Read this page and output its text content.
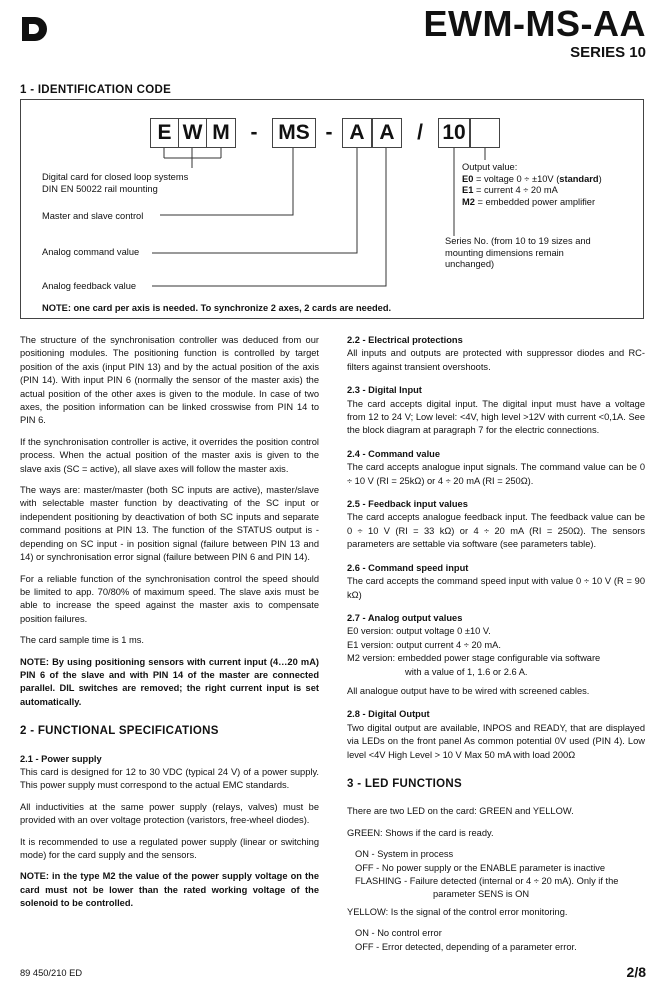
EWM-MS-AA
SERIES 10
1 - IDENTIFICATION CODE
E W M - MS - A A	/ 10
Digital card for closed loop systems
DIN EN 50022 rail mounting
Master and slave control
Analog command value
Analog feedback value
Output value:
E0 = voltage 0 ÷ ±10V (standard)
E1 = current 4 ÷ 20 mA
M2 = embedded power amplifier
Series No. (from 10 to 19 sizes and
mounting dimensions remain
unchanged)
NOTE: one card per axis is needed. To synchronize 2 axes, 2 cards are needed.

The structure of the synchronisation controller was deduced from our positioning modules. The positioning function is controlled by target position of the axis (input PIN 13) and by the actual position of the axis (PIN 14). With input PIN 6 (normally the sensor of the master axis) the actual position of the other axes is given to the module. In case of two axes, the position information can be linked crosswise from PIN 14 to PIN 6.

If the synchronisation controller is active, it overrides the position control process. When the actual position of the master axis is given to the slave axis (SC = active), all slave axes will follow the master axis.

The ways are: master/master (both SC inputs are active), master/slave with selectable master function by deactivating of the SC input or independent positioning by deactivation of both SC inputs and separate command positions at PIN 13. The function of the STATUS output is - depending on SC input - in position signal (failure between PIN 13 and 14) or synchronisation error signal (failure between PIN 6 and PIN 14).

For a reliable function of the synchronisation control the speed should be limited to app. 70/80% of maximum speed. The slave axis must be able to increase the speed against the master axis to compensate position failures.

The card sample time is 1 ms.

NOTE: By using positioning sensors with current input (4…20 mA) PIN 6 of the slave and with PIN 14 of the master are connected parallel. DIL switches are removed; the right current input is set automatically.

2 - FUNCTIONAL SPECIFICATIONS
2.1 - Power supply

This card is designed for 12 to 30 VDC (typical 24 V) of a power supply. This power supply must correspond to the actual EMC standards.

All inductivities at the same power supply (relays, valves) must be provided with an over voltage protection (varistors, free-wheel diodes).

It is recommended to use a regulated power supply (linear or switching mode) for the card supply and the sensors.

NOTE: in the type M2 the value of the power supply voltage on the card must not be lower than the rated working voltage of the solenoid to be controlled.

2.2 - Electrical protections

All inputs and outputs are protected with suppressor diodes and RC-filters against transient overshoots.

2.3 - Digital Input

The card accepts digital input. The digital input must have a voltage from 12 to 24 V; Low level: <4V, high level >12V with current <0,1A. See the block diagram at paragraph 7 for the electric connections.

2.4 - Command value

The card accepts analogue input signals. The command value can be 0 ÷ 10 V (RI = 25kΩ) or 4 ÷ 20 mA (RI = 250Ω).

2.5 - Feedback input values

The card accepts analogue feedback input. The feedback value can be 0 ÷ 10 V (RI = 33 kΩ) or 4 ÷ 20 mA (RI = 250Ω). The sensors parameters are settable via software (see parameters table).

2.6 - Command speed input

The card accepts the command speed input with value 0 ÷ 10 V (R = 90 kΩ)

2.7 - Analog output values
E0 version: output voltage 0 ±10 V.
E1 version: output current 4 ÷ 20 mA.
M2 version: embedded power stage configurable via software
with a value of 1, 1.6 or 2.6 A.

All analogue output have to be wired with screened cables.

2.8 - Digital Output

Two digital output are available, INPOS and READY, that are displayed via LEDs on the front panel As common potential 0V used (PIN 4). Low level <4V High Level > 10 V Max 50 mA with load 200Ω

3 - LED FUNCTIONS

There are two LED on the card: GREEN and YELLOW.

GREEN: Shows if the card is ready.

ON - System in process
OFF - No power supply or the ENABLE parameter is inactive
FLASHING - Failure detected (internal or 4 ÷ 20 mA). Only if the
parameter SENS is ON

YELLOW: Is the signal of the control error monitoring.

ON - No control error
OFF - Error detected, depending of a parameter error.
89 450/210 ED	2/8
